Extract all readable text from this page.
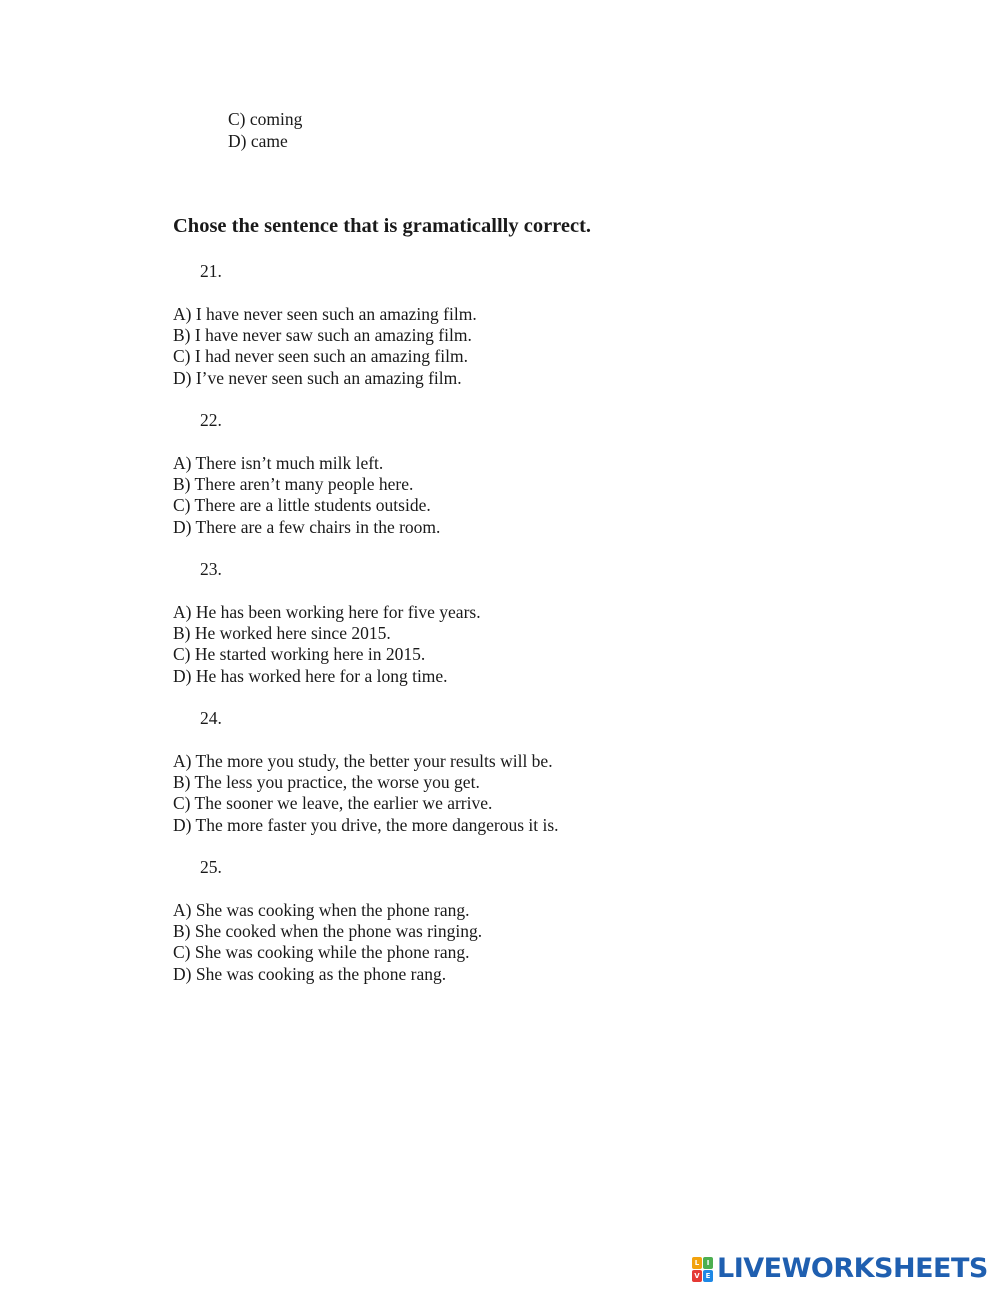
C) coming
D) came
Chose the sentence that is gramaticallly correct.
21.
A) I have never seen such an amazing film.
B) I have never saw such an amazing film.
C) I had never seen such an amazing film.
D) I’ve never seen such an amazing film.
22.
A) There isn’t much milk left.
B) There aren’t many people here.
C) There are a little students outside.
D) There are a few chairs in the room.
23.
A) He has been working here for five years.
B) He worked here since 2015.
C) He started working here in 2015.
D) He has worked here for a long time.
24.
A) The more you study, the better your results will be.
B) The less you practice, the worse you get.
C) The sooner we leave, the earlier we arrive.
D) The more faster you drive, the more dangerous it is.
25.
A) She was cooking when the phone rang.
B) She cooked when the phone was ringing.
C) She was cooking while the phone rang.
D) She was cooking as the phone rang.
L	I
V E LIVEWORKSHEETS
